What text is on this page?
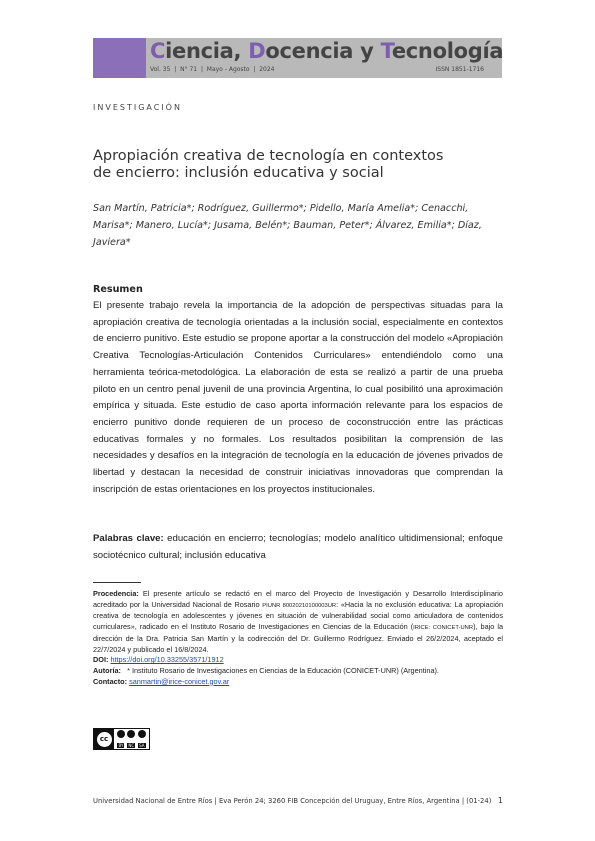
Ciencia, Docencia y Tecnología
Vol. 35  |  N° 71  |  Mayo - Agosto  |  2024	ISSN 1851-1716
INVESTIGACIÓN
Apropiación creativa de tecnología en contextos
de encierro: inclusión educativa y social
San Martín, Patricia*; Rodríguez, Guillermo*; Pidello, María Amelia*; Cenacchi, Marisa*; Manero, Lucía*; Jusama, Belén*; Bauman, Peter*; Álvarez, Emilia*; Díaz, Javiera*
Resumen
El presente trabajo revela la importancia de la adopción de perspectivas situadas para la apropiación creativa de tecnología orientadas a la inclusión social, especialmente en contextos de encierro punitivo. Este estudio se propone aportar a la construcción del modelo «Apropiación Creativa Tecnologías-Articulación Contenidos Curriculares» entendiéndolo como una herramienta teórica-metodológica. La elaboración de esta se realizó a partir de una prueba piloto en un centro penal juvenil de una provincia Argentina, lo cual posibilitó una aproximación empírica y situada. Este estudio de caso aporta información relevante para los espacios de encierro punitivo donde requieren de un proceso de coconstrucción entre las prácticas educativas formales y no formales. Los resultados posibilitan la comprensión de las necesidades y desafíos en la integración de tecnología en la educación de jóvenes privados de libertad y destacan la necesidad de construir iniciativas innovadoras que comprendan la inscripción de estas orientaciones en los proyectos institucionales.
Palabras clave: educación en encierro; tecnologías; modelo analítico ultidimensional; enfoque sociotécnico cultural; inclusión educativa
Procedencia: El presente artículo se redactó en el marco del Proyecto de Investigación y Desarrollo Interdisciplinario acreditado por la Universidad Nacional de Rosario PIUNR 80020210100003UR: «Hacia la no exclusión educativa: La apropiación creativa de tecnología en adolescentes y jóvenes en situación de vulnerabilidad social como articuladora de contenidos curriculares», radicado en el Instituto Rosario de Investigaciones en Ciencias de la Educación (IRICE: CONICET-UNR), bajo la dirección de la Dra. Patricia San Martín y la codirección del Dr. Guillermo Rodríguez. Enviado el 26/2/2024, aceptado el 22/7/2024 y publicado el 16/8/2024.
DOI: https://doi.org/10.33255/3571/1912
Autoría: * Instituto Rosario de Investigaciones en Ciencias de la Educación (CONICET-UNR) (Argentina).
Contacto: sanmartin@irice-conicet.gov.ar
cc
BY NC SA
Universidad Nacional de Entre Ríos | Eva Perón 24; 3260 FIB Concepción del Uruguay, Entre Ríos, Argentina | (01-24) 1
